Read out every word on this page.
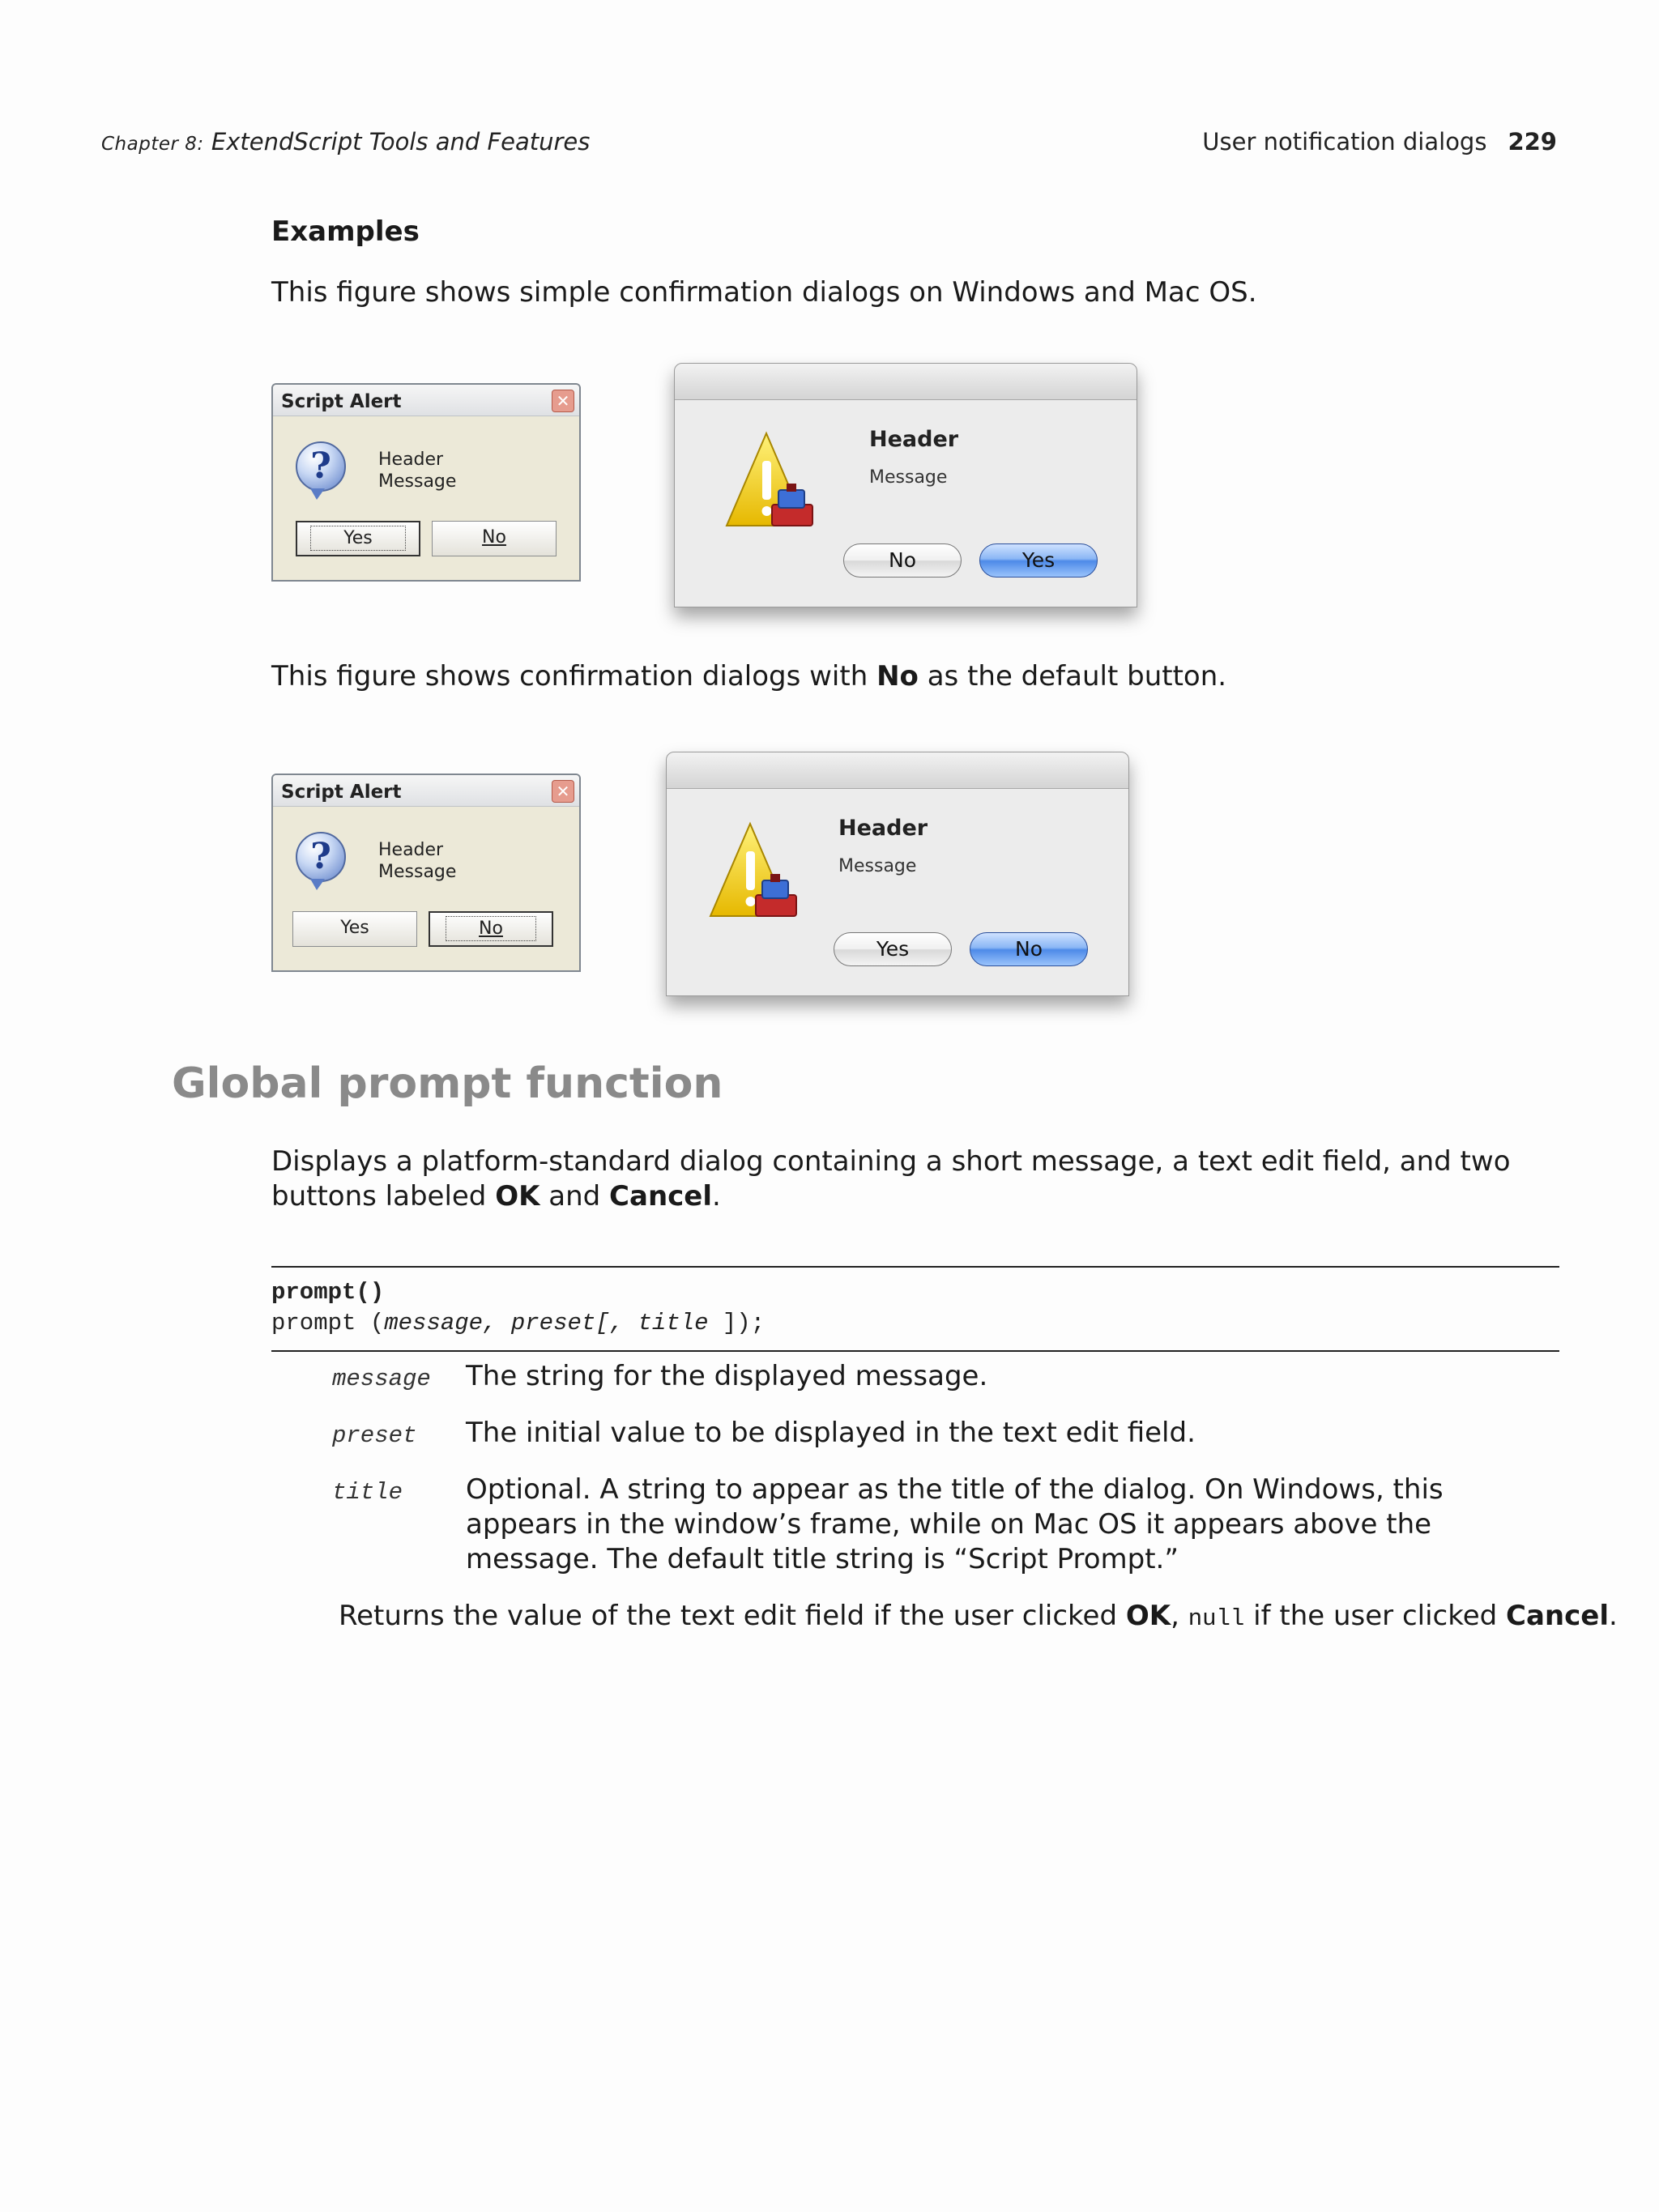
Chapter 8: ExtendScript Tools and Features	User notification dialogs 229
Examples
This figure shows simple confirmation dialogs on Windows and Mac OS.
Script Alert	✕
?	Header
Message
Yes	No
Header
Message
No	Yes
This figure shows confirmation dialogs with No as the default button.
Script Alert	✕
?	Header
Message
Yes	No
Header
Message
Yes	No
Global prompt function
Displays a platform-standard dialog containing a short message, a text edit field, and two buttons labeled OK and Cancel.
prompt()
prompt (message, preset[, title ]);
message The string for the displayed message.
preset The initial value to be displayed in the text edit field.
title Optional. A string to appear as the title of the dialog. On Windows, this appears in the window’s frame, while on Mac OS it appears above the message. The default title string is “Script Prompt.”
Returns the value of the text edit field if the user clicked OK, null if the user clicked Cancel.
